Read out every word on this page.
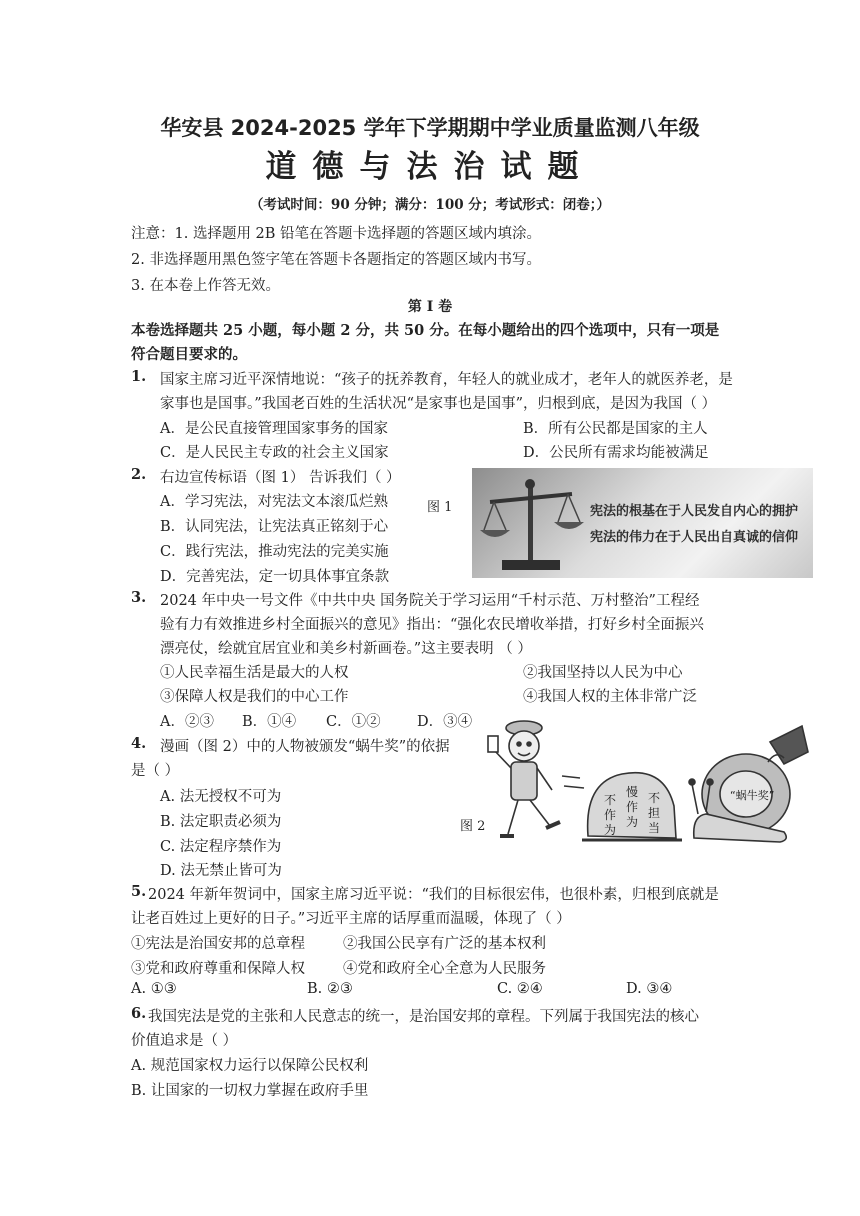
华安县 2024-2025 学年下学期期中学业质量监测八年级
道德与法治试题
（考试时间：90 分钟；满分：100 分；考试形式：闭卷；）
注意：1. 选择题用 2B 铅笔在答题卡选择题的答题区域内填涂。
2. 非选择题用黑色签字笔在答题卡各题指定的答题区域内书写。
3. 在本卷上作答无效。
第 Ⅰ 卷
本卷选择题共 25 小题，每小题 2 分，共 50 分。在每小题给出的四个选项中，只有一项是
符合题目要求的。
1. 国家主席习近平深情地说：“孩子的抚养教育，年轻人的就业成才，老年人的就医养老，是
家事也是国事。”我国老百姓的生活状况“是家事也是国事”，归根到底，是因为我国（ ）
A．是公民直接管理国家事务的国家	B．所有公民都是国家的主人
C．是人民民主专政的社会主义国家	D．公民所有需求均能被满足
2. 右边宣传标语（图 1） 告诉我们（ ）
A．学习宪法，对宪法文本滚瓜烂熟
B．认同宪法，让宪法真正铭刻于心
C．践行宪法，推动宪法的完美实施
D．完善宪法，定一切具体事宜条款
图 1	宪法的根基在于人民发自内心的拥护
宪法的伟力在于人民出自真诚的信仰
3. 2024 年中央一号文件《中共中央 国务院关于学习运用“千村示范、万村整治”工程经
验有力有效推进乡村全面振兴的意见》指出：“强化农民增收举措，打好乡村全面振兴
漂亮仗，绘就宜居宜业和美乡村新画卷。”这主要表明 （ ）
①人民幸福生活是最大的人权	②我国坚持以人民为中心
③保障人权是我们的中心工作	④我国人权的主体非常广泛
A．②③ B．①④ C．①②	D．③④
4. 漫画（图 2）中的人物被颁发“蜗牛奖”的依据
是（ ）
A. 法无授权不可为
B. 法定职责必须为
C. 法定程序禁作为
D. 法无禁止皆可为
图 2
不
作
为
慢
作
为
不
担
当
“蜗牛奖”
5. 2024 年新年贺词中，国家主席习近平说：“我们的目标很宏伟，也很朴素，归根到底就是
让老百姓过上更好的日子。”习近平主席的话厚重而温暖，体现了（ ）
①宪法是治国安邦的总章程	②我国公民享有广泛的基本权利
③党和政府尊重和保障人权	④党和政府全心全意为人民服务
A. ①③	B. ②③	C. ②④	D. ③④
6. 我国宪法是党的主张和人民意志的统一，是治国安邦的章程。下列属于我国宪法的核心
价值追求是（ ）
A. 规范国家权力运行以保障公民权利
B. 让国家的一切权力掌握在政府手里
